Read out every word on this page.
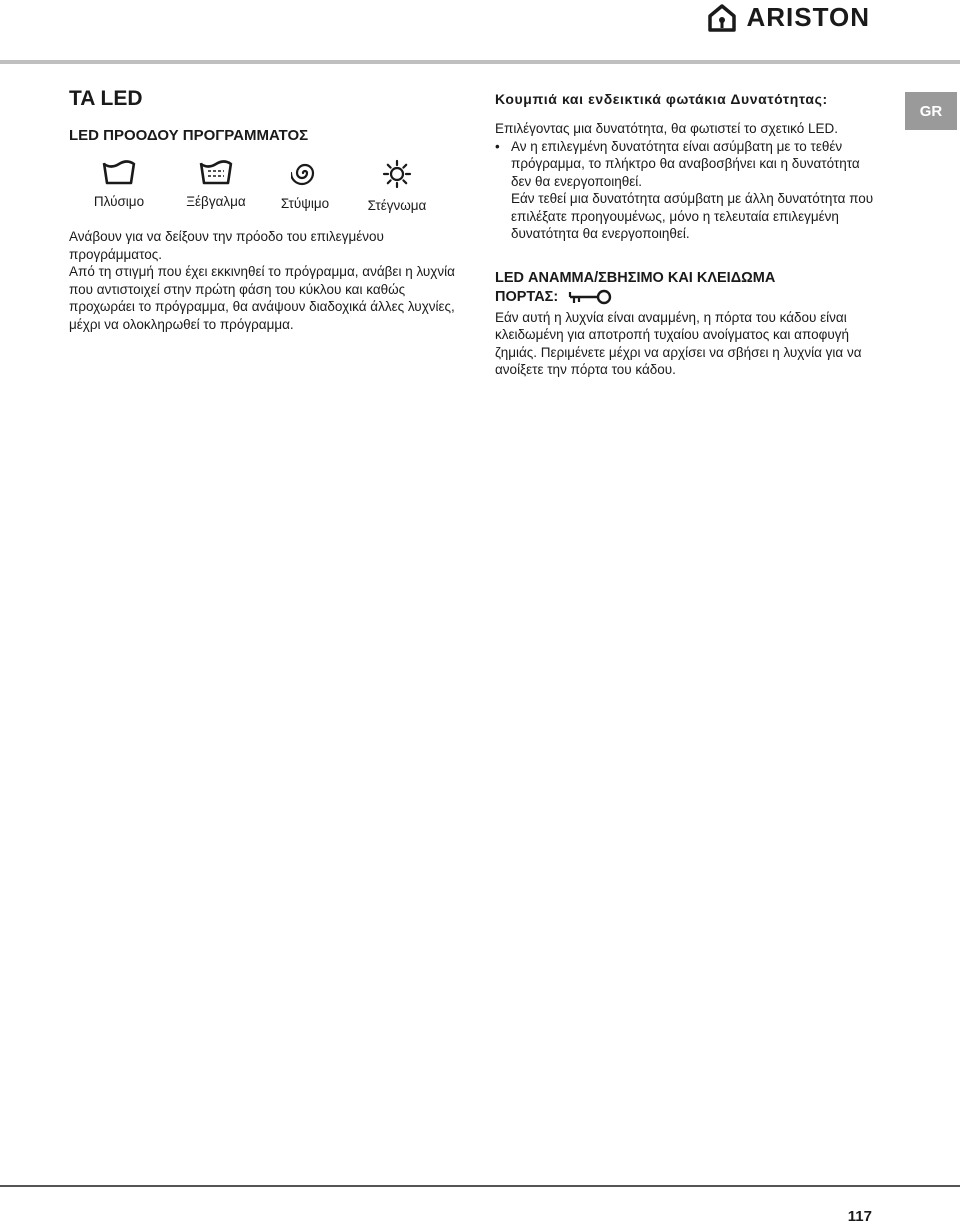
ARISTON
GR
TA LED
LED ΠΡΟΟΔΟΥ ΠΡΟΓΡΑΜΜΑΤΟΣ
Πλύσιμο	Ξέβγαλμα	Στύψιμο	Στέγνωμα

Ανάβουν για να δείξουν την πρόοδο του επιλεγμένου προγράμματος.

Από τη στιγμή που έχει εκκινηθεί το πρόγραμμα, ανάβει η λυχνία που αντιστοιχεί στην πρώτη φάση του κύκλου και καθώς προχωράει το πρόγραμμα, θα ανάψουν διαδοχικά άλλες λυχνίες, μέχρι να ολοκληρωθεί το πρόγραμμα.

Κουμπιά και ενδεικτικά φωτάκια Δυνατότητας:

Επιλέγοντας μια δυνατότητα, θα φωτιστεί το σχετικό LED.

• Αν η επιλεγμένη δυνατότητα είναι ασύμβατη με το τεθέν πρόγραμμα, το πλήκτρο θα αναβοσβήνει και η δυνατότητα δεν θα ενεργοποιηθεί.

Εάν τεθεί μια δυνατότητα ασύμβατη με άλλη δυνατότητα που επιλέξατε προηγουμένως, μόνο η τελευταία επιλεγμένη δυνατότητα θα ενεργοποιηθεί.

LED ΑΝΑΜΜΑ/ΣΒΗΣΙΜΟ ΚΑΙ ΚΛΕΙΔΩΜΑ
ΠΟΡΤΑΣ:

Εάν αυτή η λυχνία είναι αναμμένη, η πόρτα του κάδου είναι κλειδωμένη για αποτροπή τυχαίου ανοίγματος και αποφυγή ζημιάς. Περιμένετε μέχρι να αρχίσει να σβήσει η λυχνία για να ανοίξετε την πόρτα του κάδου.

117
